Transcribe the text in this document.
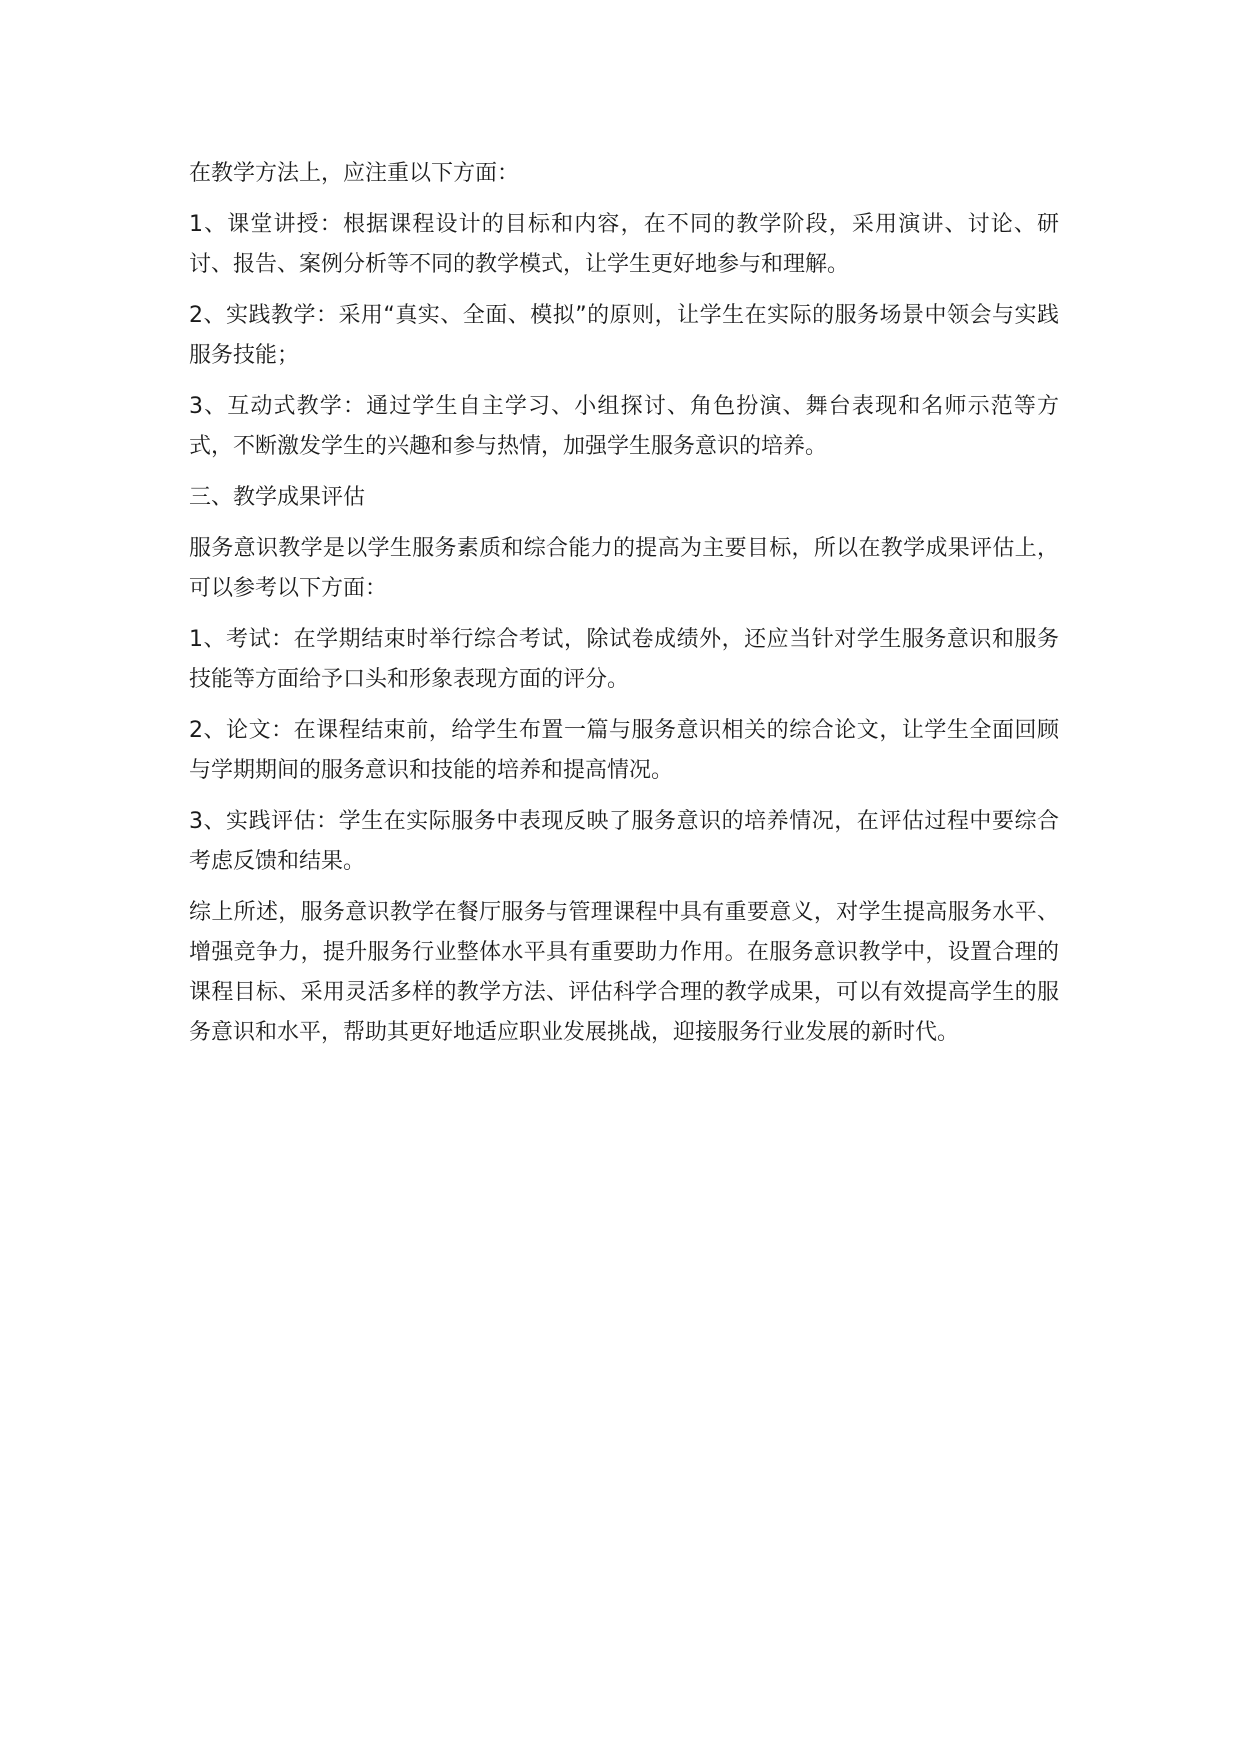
在教学方法上，应注重以下方面：

1、课堂讲授：根据课程设计的目标和内容，在不同的教学阶段，采用演讲、讨论、研讨、报告、案例分析等不同的教学模式，让学生更好地参与和理解。

2、实践教学：采用“真实、全面、模拟”的原则，让学生在实际的服务场景中领会与实践服务技能；

3、互动式教学：通过学生自主学习、小组探讨、角色扮演、舞台表现和名师示范等方式，不断激发学生的兴趣和参与热情，加强学生服务意识的培养。

三、教学成果评估

服务意识教学是以学生服务素质和综合能力的提高为主要目标，所以在教学成果评估上，可以参考以下方面：

1、考试：在学期结束时举行综合考试，除试卷成绩外，还应当针对学生服务意识和服务技能等方面给予口头和形象表现方面的评分。

2、论文：在课程结束前，给学生布置一篇与服务意识相关的综合论文，让学生全面回顾与学期期间的服务意识和技能的培养和提高情况。

3、实践评估：学生在实际服务中表现反映了服务意识的培养情况，在评估过程中要综合考虑反馈和结果。

综上所述，服务意识教学在餐厅服务与管理课程中具有重要意义，对学生提高服务水平、增强竞争力，提升服务行业整体水平具有重要助力作用。在服务意识教学中，设置合理的课程目标、采用灵活多样的教学方法、评估科学合理的教学成果，可以有效提高学生的服务意识和水平，帮助其更好地适应职业发展挑战，迎接服务行业发展的新时代。
